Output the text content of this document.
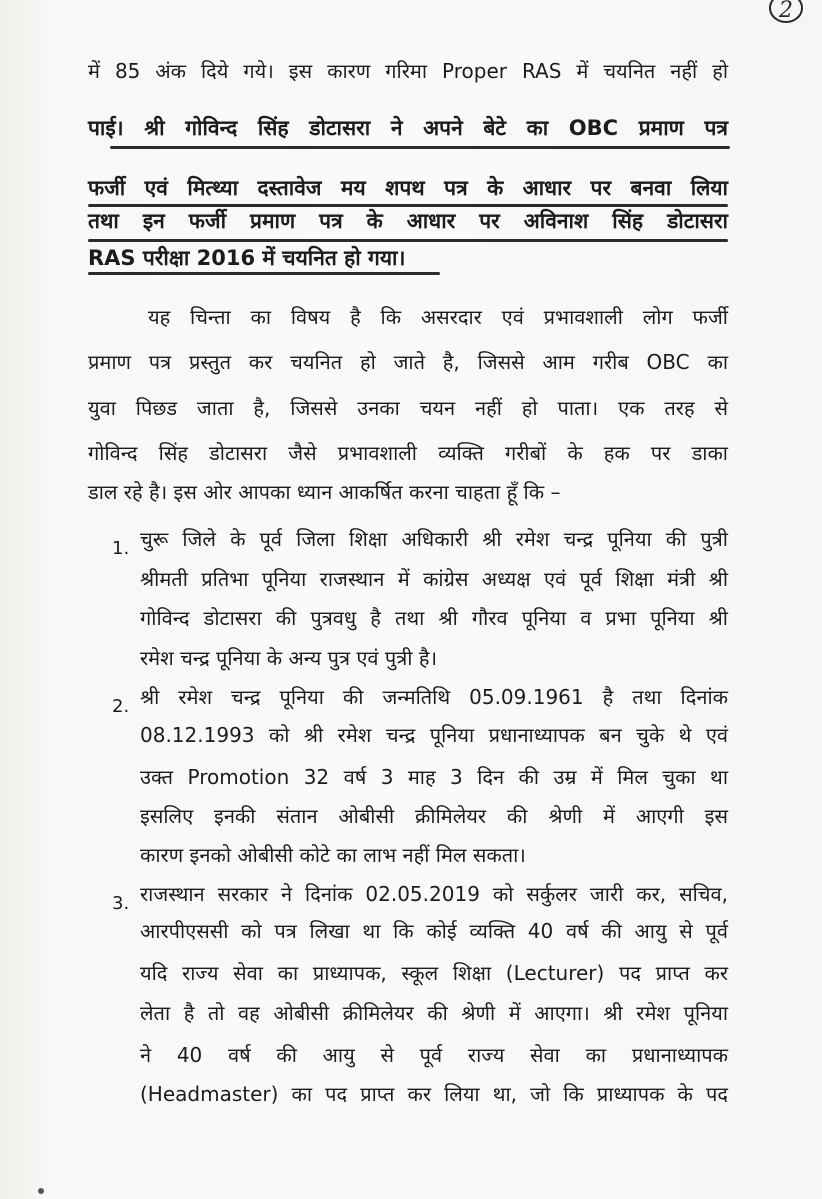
2
में 85 अंक दिये गये। इस कारण गरिमा Proper RAS में चयनित नहीं हो
पाई। श्री गोविन्द सिंह डोटासरा ने अपने बेटे का OBC प्रमाण पत्र
फर्जी एवं मित्थ्या दस्तावेज मय शपथ पत्र के आधार पर बनवा लिया
तथा इन फर्जी प्रमाण पत्र के आधार पर अविनाश सिंह डोटासरा
RAS परीक्षा 2016 में चयनित हो गया।
यह चिन्ता का विषय है कि असरदार एवं प्रभावशाली लोग फर्जी
प्रमाण पत्र प्रस्तुत कर चयनित हो जाते है, जिससे आम गरीब OBC का
युवा पिछड जाता है, जिससे उनका चयन नहीं हो पाता। एक तरह से
गोविन्द सिंह डोटासरा जैसे प्रभावशाली व्यक्ति गरीबों के हक पर डाका
डाल रहे है। इस ओर आपका ध्यान आकर्षित करना चाहता हूँ कि –
1. चुरू जिले के पूर्व जिला शिक्षा अधिकारी श्री रमेश चन्द्र पूनिया की पुत्री
श्रीमती प्रतिभा पूनिया राजस्थान में कांग्रेस अध्यक्ष एवं पूर्व शिक्षा मंत्री श्री
गोविन्द डोटासरा की पुत्रवधु है तथा श्री गौरव पूनिया व प्रभा पूनिया श्री
रमेश चन्द्र पूनिया के अन्य पुत्र एवं पुत्री है।
2. श्री रमेश चन्द्र पूनिया की जन्मतिथि 05.09.1961 है तथा दिनांक
08.12.1993 को श्री रमेश चन्द्र पूनिया प्रधानाध्यापक बन चुके थे एवं
उक्त Promotion 32 वर्ष 3 माह 3 दिन की उम्र में मिल चुका था
इसलिए इनकी संतान ओबीसी क्रीमिलेयर की श्रेणी में आएगी इस
कारण इनको ओबीसी कोटे का लाभ नहीं मिल सकता।
3. राजस्थान सरकार ने दिनांक 02.05.2019 को सर्कुलर जारी कर, सचिव,
आरपीएससी को पत्र लिखा था कि कोई व्यक्ति 40 वर्ष की आयु से पूर्व
यदि राज्य सेवा का प्राध्यापक, स्कूल शिक्षा (Lecturer) पद प्राप्त कर
लेता है तो वह ओबीसी क्रीमिलेयर की श्रेणी में आएगा। श्री रमेश पूनिया
ने 40 वर्ष की आयु से पूर्व राज्य सेवा का प्रधानाध्यापक
(Headmaster) का पद प्राप्त कर लिया था, जो कि प्राध्यापक के पद
